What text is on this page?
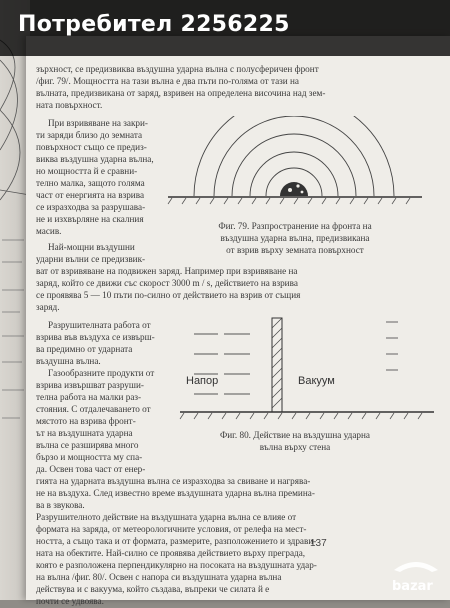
зърхност, се предизвиква въздушна ударна вълна с полусферичен фронт
/фиг. 79/. Мощността на тази вълна е два пъти по-голяма от тази на
вълната, предизвикана от заряд, взривен на определена височина над зем-
ната повърхност.
При взривяване на закри-
ти заряди близо до земната
повърхност също се предиз-
виква въздушна ударна вълна,
но мощността й е сравни-
телно малка, защото голяма
част от енергията на взрива
се изразходва за разрушава-
не и изхвърляне на скалния
масив.	Фиг. 79. Разпространение на фронта на
въздушна ударна вълна, предизвикана
от взрив върху земната повърхност
Най-мощни въздушни
ударни вълни се предизвик-
ват от взривяване на подвижен заряд. Например при взривяване на
заряд, който се движи със скорост 3000 m / s, действието на взрива
се проявява 5 — 10 пъти по-силно от действието на взрив от същия
заряд.
Разрушителната работа от
взрива във въздуха се извърш-
ва предимно от ударната
въздушна вълна.
Газообразните продукти от
взрива извършват разруши-
телна работа на малки раз-
стояния. С отдалечаването от
мястото на взрива фронт-
ът на въздушната ударна
вълна се разширява много
бързо и мощността му спа-
да. Освен това част от енер-
Напор	Вакуум
Фиг. 80. Действие на въздушна ударна
вълна върху стена
гията на ударната въздушна вълна се изразходва за свиване и нагрява-
не на въздуха. След известно време въздушната ударна вълна премина-
ва в звукова.
Разрушителното действие на въздушната ударна вълна се влияе от
формата на заряда, от метеорологичните условия, от релефа на мест-
ността, а също така и от формата, размерите, разположението и здрави-
ната на обектите. Най-силно се проявява действието върху преграда,
която е разположена перпендикулярно на посоката на въздушната удар-
на вълна /фиг. 80/. Освен с напора си въздушната ударна вълна
действува и с вакуума, който създава, въпреки че силата й е
почти се удвоява.
137
Потребител 2256225
bazar
